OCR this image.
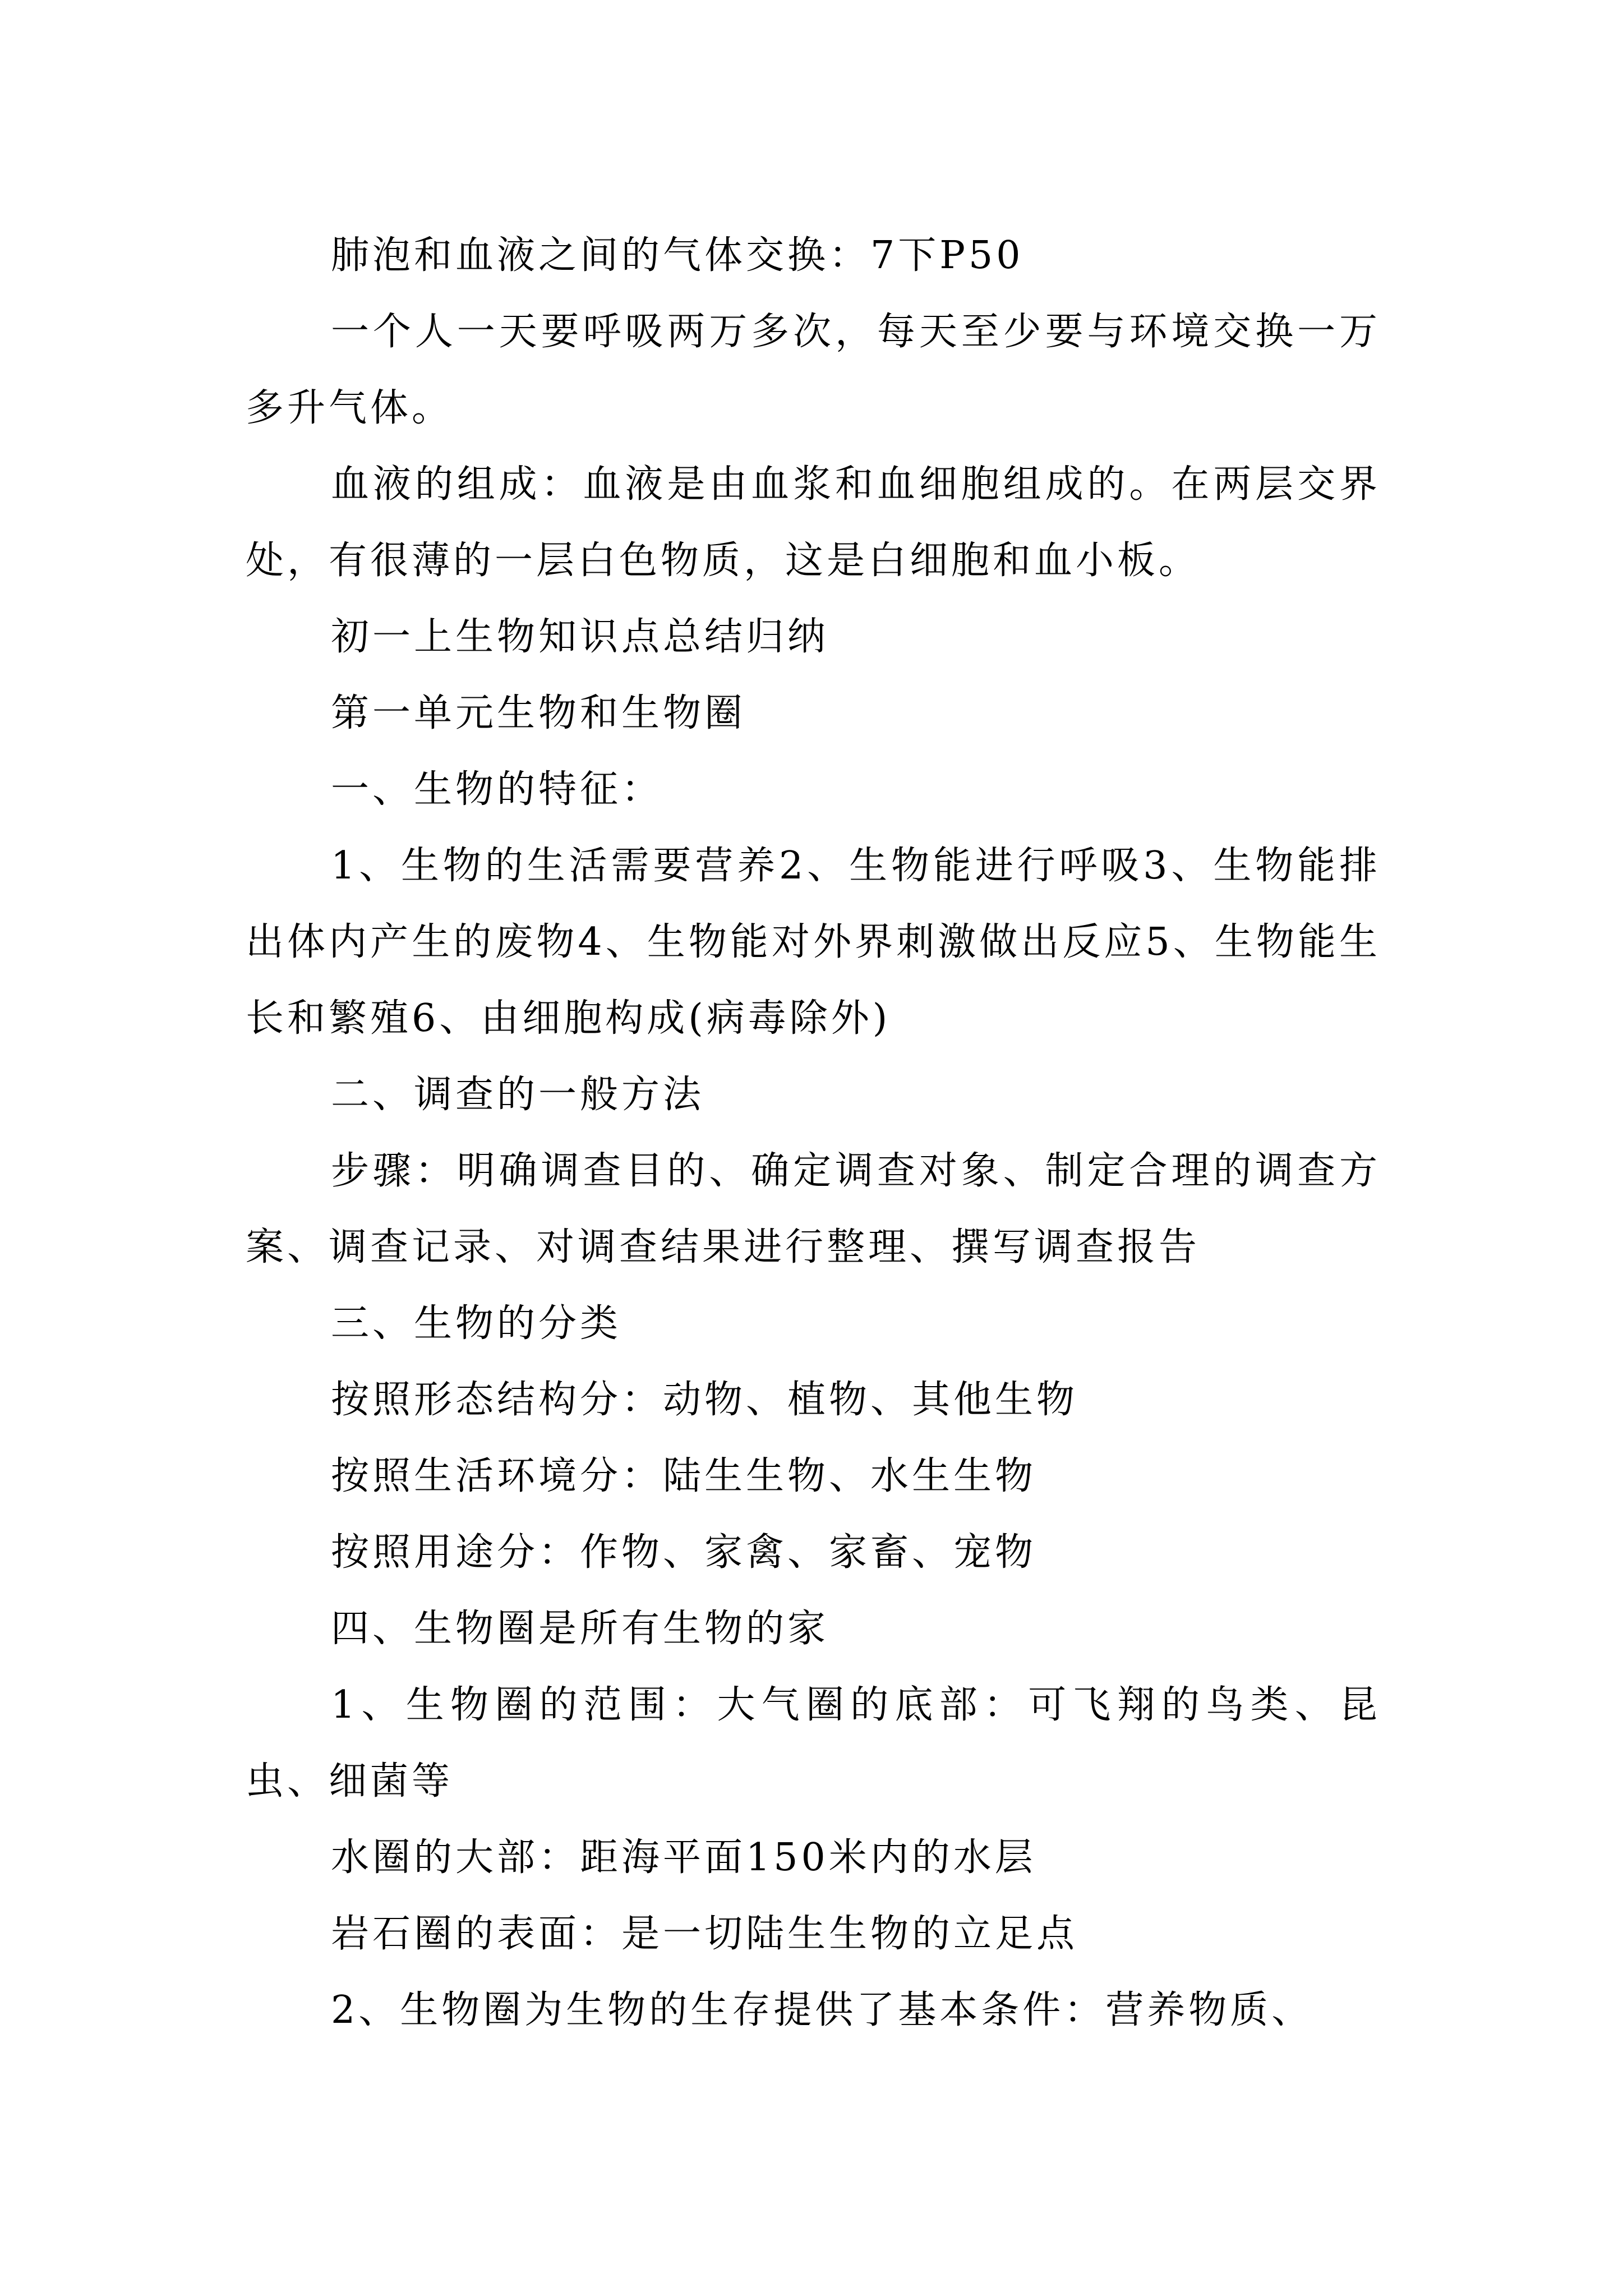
肺泡和血液之间的气体交换：7下P50

一个人一天要呼吸两万多次，每天至少要与环境交换一万多升气体。

血液的组成：血液是由血浆和血细胞组成的。在两层交界处，有很薄的一层白色物质，这是白细胞和血小板。

初一上生物知识点总结归纳

第一单元生物和生物圈

一、生物的特征：

1、生物的生活需要营养2、生物能进行呼吸3、生物能排出体内产生的废物4、生物能对外界刺激做出反应5、生物能生长和繁殖6、由细胞构成(病毒除外)

二、调查的一般方法

步骤：明确调查目的、确定调查对象、制定合理的调查方案、调查记录、对调查结果进行整理、撰写调查报告

三、生物的分类

按照形态结构分：动物、植物、其他生物

按照生活环境分：陆生生物、水生生物

按照用途分：作物、家禽、家畜、宠物

四、生物圈是所有生物的家

1、生物圈的范围：大气圈的底部：可飞翔的鸟类、昆虫、细菌等

水圈的大部：距海平面150米内的水层

岩石圈的表面：是一切陆生生物的立足点

2、生物圈为生物的生存提供了基本条件：营养物质、
